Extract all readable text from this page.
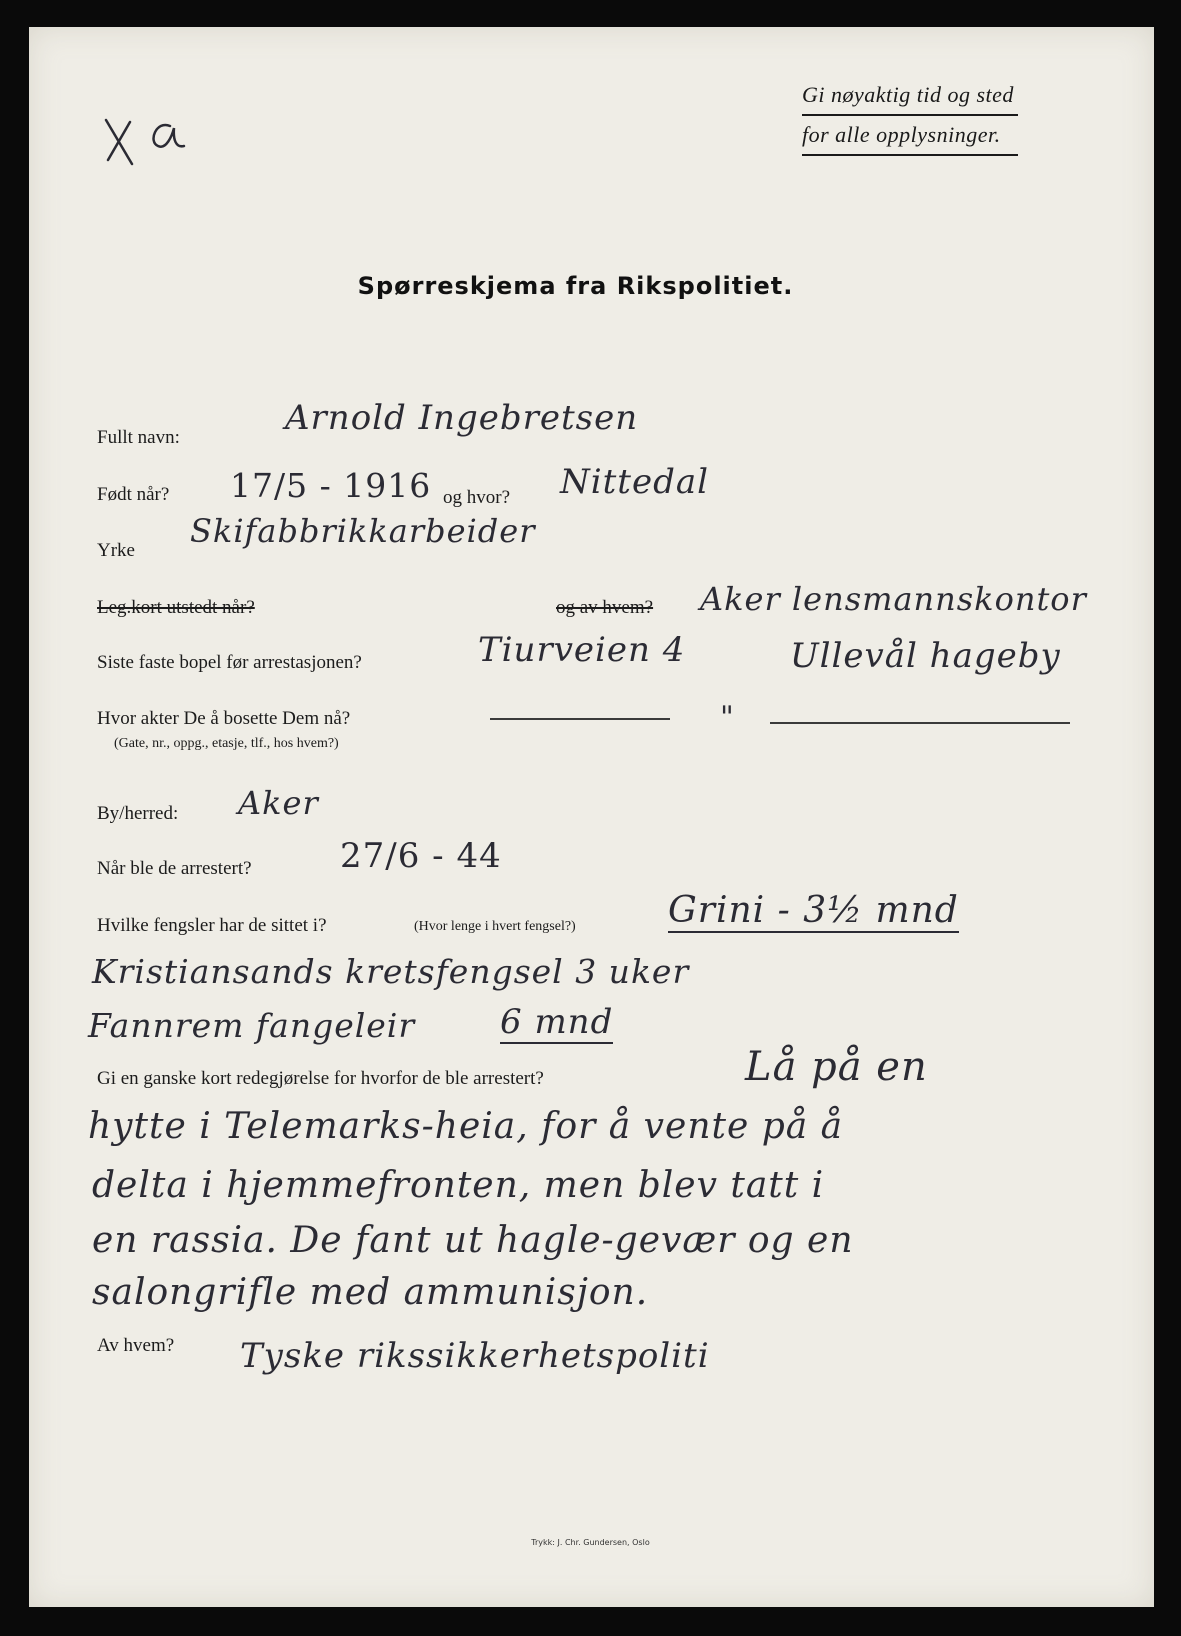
Gi nøyaktig tid og sted
for alle opplysninger.
Spørreskjema fra Rikspolitiet.
Fullt navn:	Arnold Ingebretsen
Født når? 17/5 - 1916 og hvor? Nittedal
Yrke
Skifabbrikkarbeider
Leg.kort utstedt når?	og av hvem? Aker lensmannskontor
Siste faste bopel før arrestasjonen?	Tiurveien 4	Ullevål hageby
Hvor akter De å bosette Dem nå?
(Gate, nr., oppg., etasje, tlf., hos hvem?)
"
By/herred: Aker
Når ble de arrestert?	27/6 - 44
Hvilke fengsler har de sittet i?	(Hvor lenge i hvert fengsel?)	Grini - 3½ mnd
Kristiansands kretsfengsel 3 uker
Fannrem fangeleir 6 mnd
Gi en ganske kort redegjørelse for hvorfor de ble arrestert?	Lå på en
hytte i Telemarks-heia, for å vente på å
delta i hjemmefronten, men blev tatt i
en rassia. De fant ut hagle-gevær og en
salongrifle med ammunisjon.
Av hvem? Tyske rikssikkerhetspoliti
Trykk: J. Chr. Gundersen, Oslo
